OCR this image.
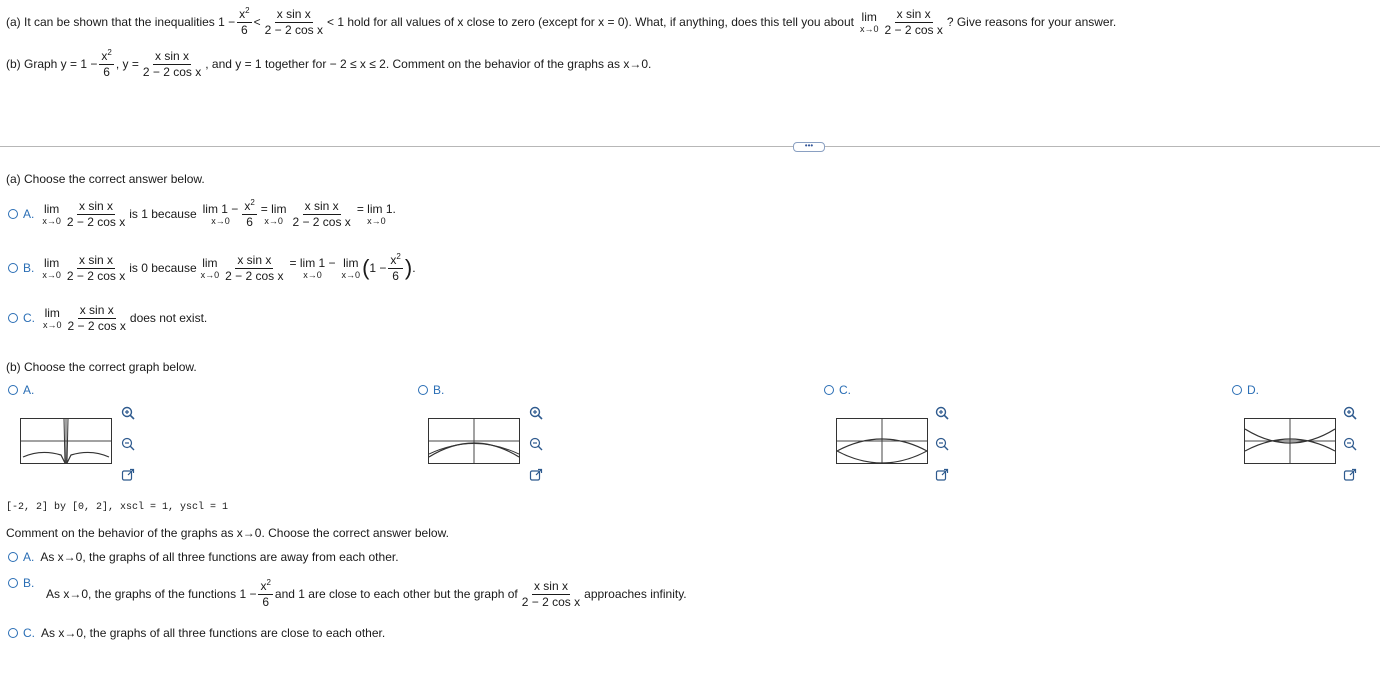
(a) It can be shown that the inequalities $1 - \frac{x^2}{6} < \frac{\text{x sin x}}{\text{2 − 2 cos x}} < 1$ hold for all values of x close to zero (except for x = 0). What, if anything, does this tell you about lim
$x\to 0 \frac{\text{x sin x}}{\text{2 − 2 cos x}}$ ? Give reasons for your answer.
(b) Graph $y = 1 - \frac{x^2}{6}$ , $y = \frac{\text{x sin x}}{\text{2 − 2 cos x}}$ , and y = 1 together for − 2 ≤ x ≤ 2. Comment on the behavior of the graphs as x→0.
•••
(a) Choose the correct answer below.
A. lim
$x\to 0 \frac{\text{x sin x}}{\text{2 − 2 cos x}}$ is 1 because lim 1 −
$x\to 0 \frac{x^2}{6} = \lim$
$x\to 0 \frac{\text{x sin x}}{\text{2 − 2 cos x}} = \lim 1$.
x→0
B. lim
$x\to 0 \frac{\text{x sin x}}{\text{2 − 2 cos x}}$ is 0 because lim
$x\to 0 \frac{\text{x sin x}}{\text{2 − 2 cos x}} = \lim 1$ −
x→0
lim
x→0 ( $1 - \frac{x^2}{6}$ ) .
C. lim
$x\to 0 \frac{\text{x sin x}}{\text{2 − 2 cos x}}$ does not exist.
(b) Choose the correct graph below.
A.	B.	C.	D.
[-2, 2] by [0, 2], xscl = 1, yscl = 1
Comment on the behavior of the graphs as x→0. Choose the correct answer below.
A. As x→0, the graphs of all three functions are away from each other.
B.
As x→0, the graphs of the functions $1 - \frac{x^2}{6}$ and 1 are close to each other but the graph of $\frac{\text{x sin x}}{\text{2 − 2 cos x}}$ approaches infinity.
C. As x→0, the graphs of all three functions are close to each other.
